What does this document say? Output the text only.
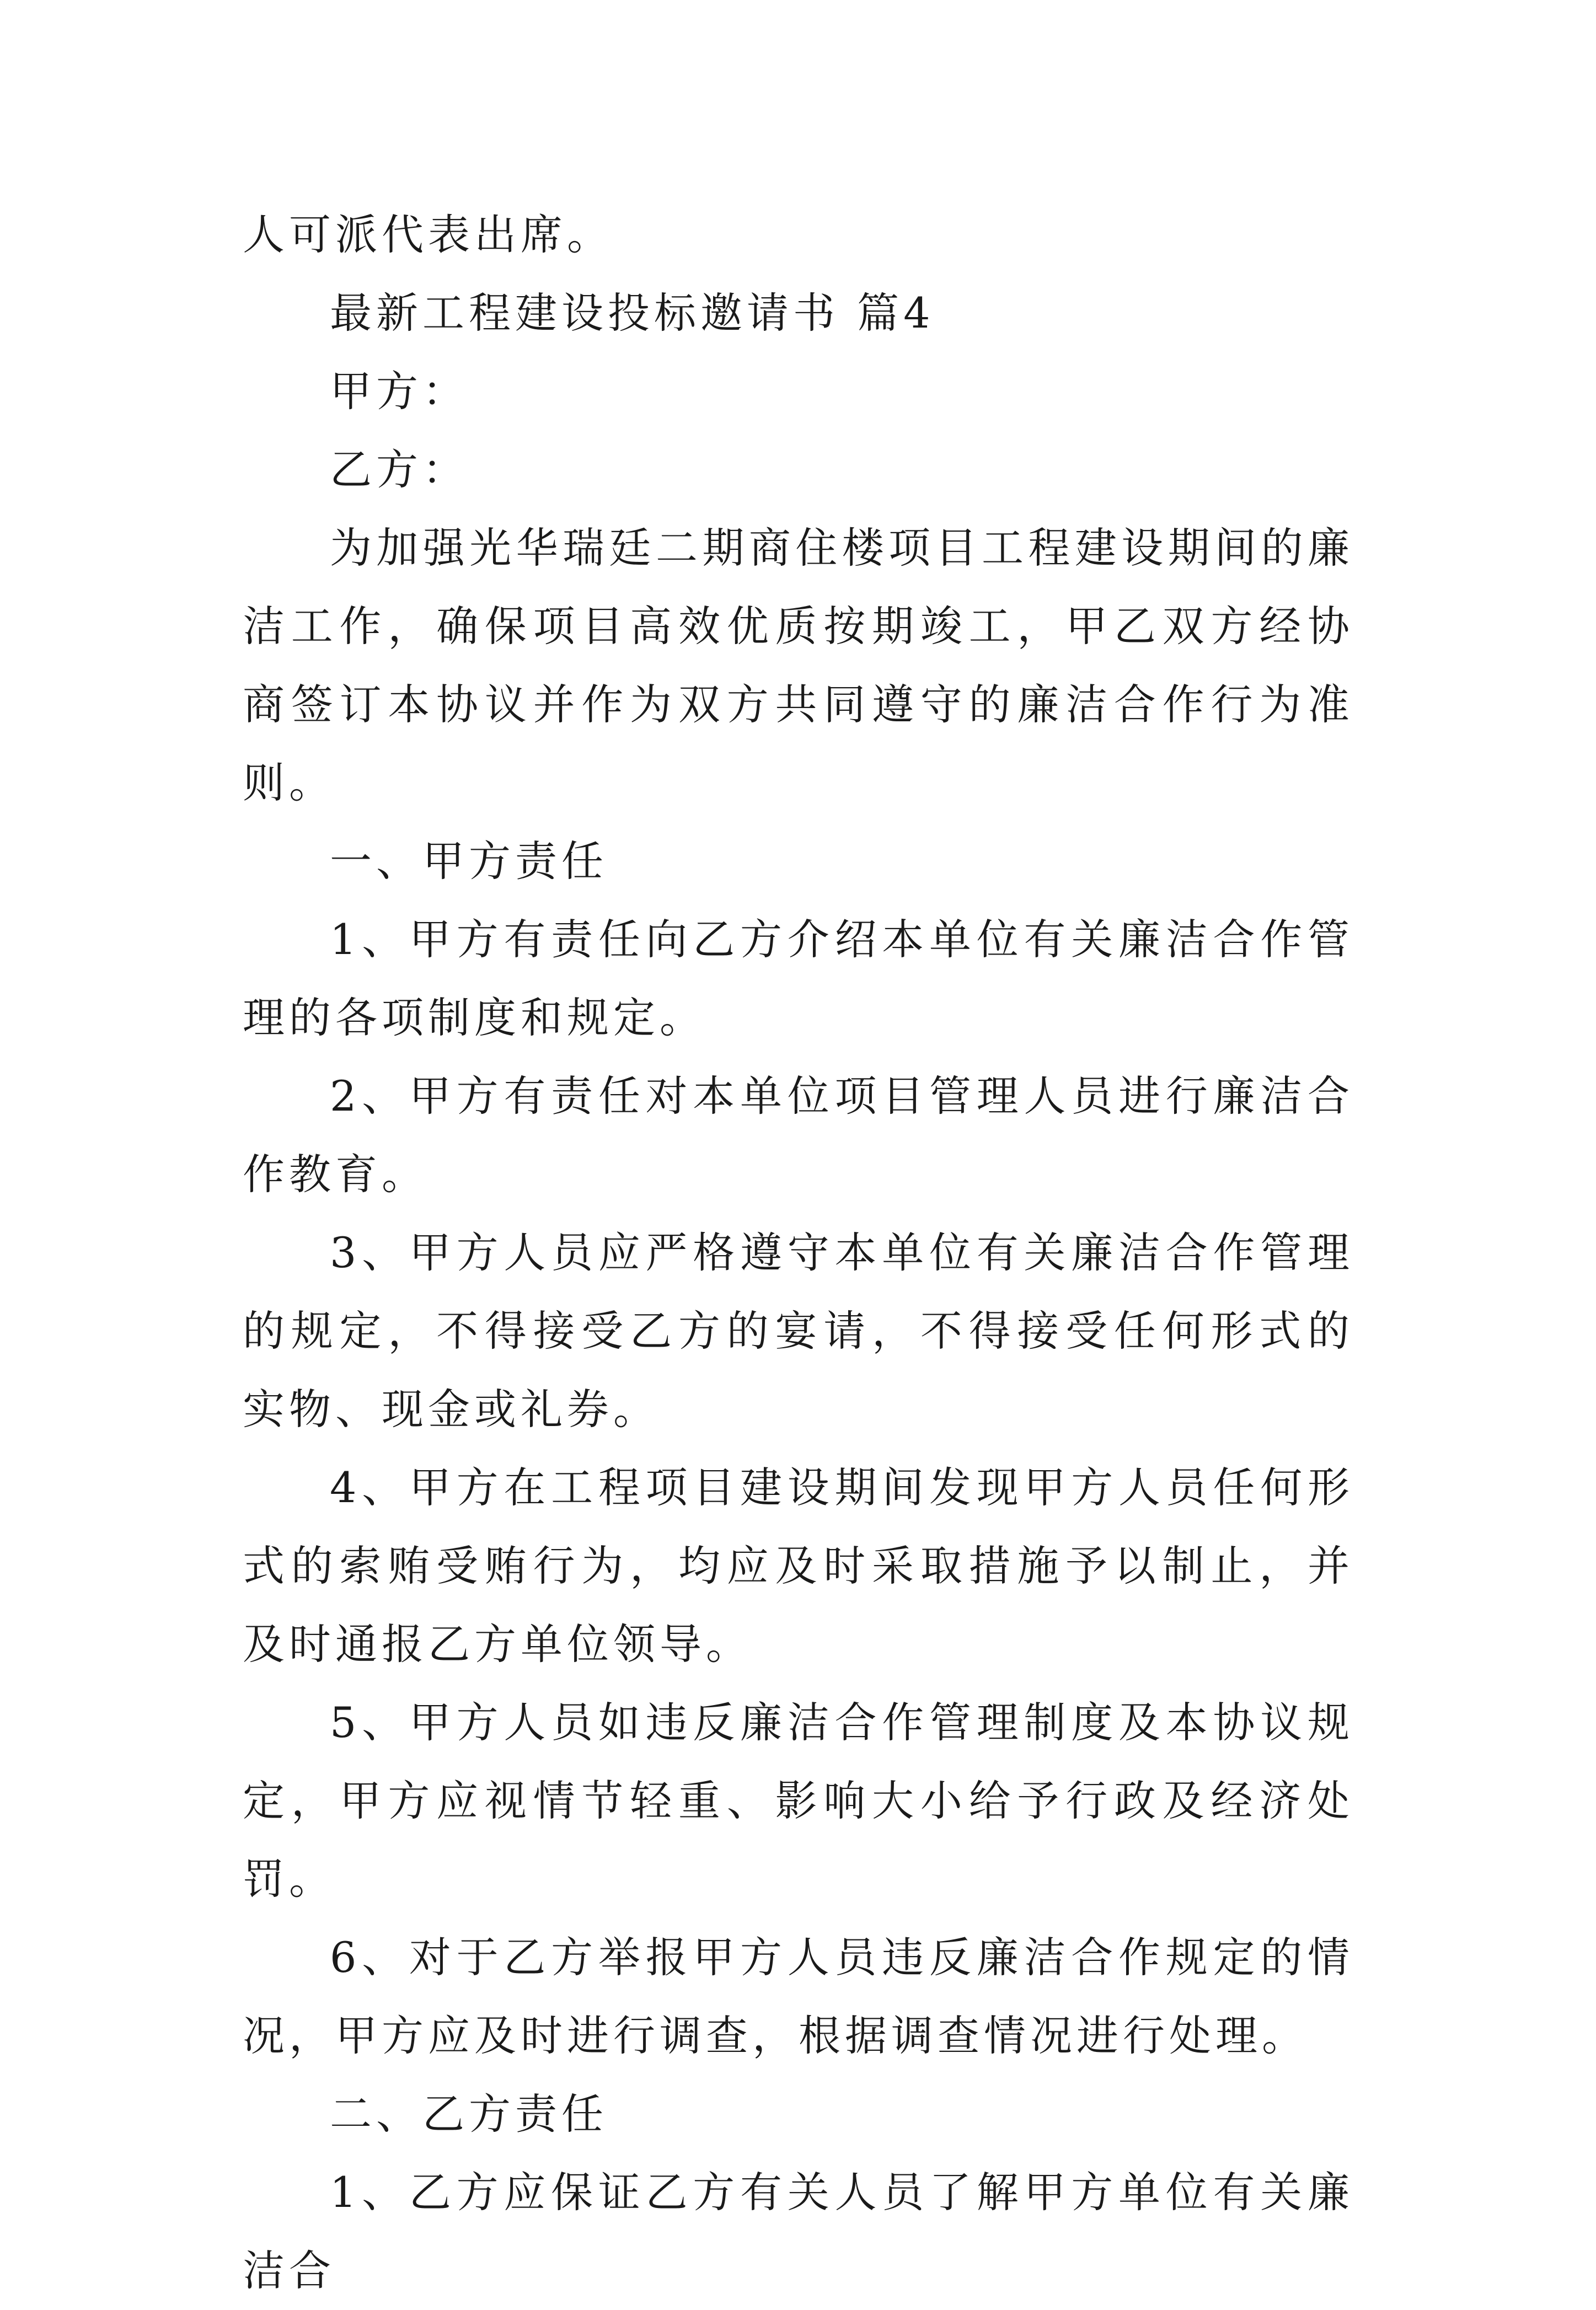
人可派代表出席。

最新工程建设投标邀请书 篇4

甲方：

乙方：

为加强光华瑞廷二期商住楼项目工程建设期间的廉洁工作，确保项目高效优质按期竣工，甲乙双方经协商签订本协议并作为双方共同遵守的廉洁合作行为准则。

一、甲方责任

1、甲方有责任向乙方介绍本单位有关廉洁合作管理的各项制度和规定。

2、甲方有责任对本单位项目管理人员进行廉洁合作教育。

3、甲方人员应严格遵守本单位有关廉洁合作管理的规定，不得接受乙方的宴请，不得接受任何形式的实物、现金或礼券。

4、甲方在工程项目建设期间发现甲方人员任何形式的索贿受贿行为，均应及时采取措施予以制止，并及时通报乙方单位领导。

5、甲方人员如违反廉洁合作管理制度及本协议规定，甲方应视情节轻重、影响大小给予行政及经济处罚。

6、对于乙方举报甲方人员违反廉洁合作规定的情况，甲方应及时进行调查，根据调查情况进行处理。

二、乙方责任

1、乙方应保证乙方有关人员了解甲方单位有关廉洁合
